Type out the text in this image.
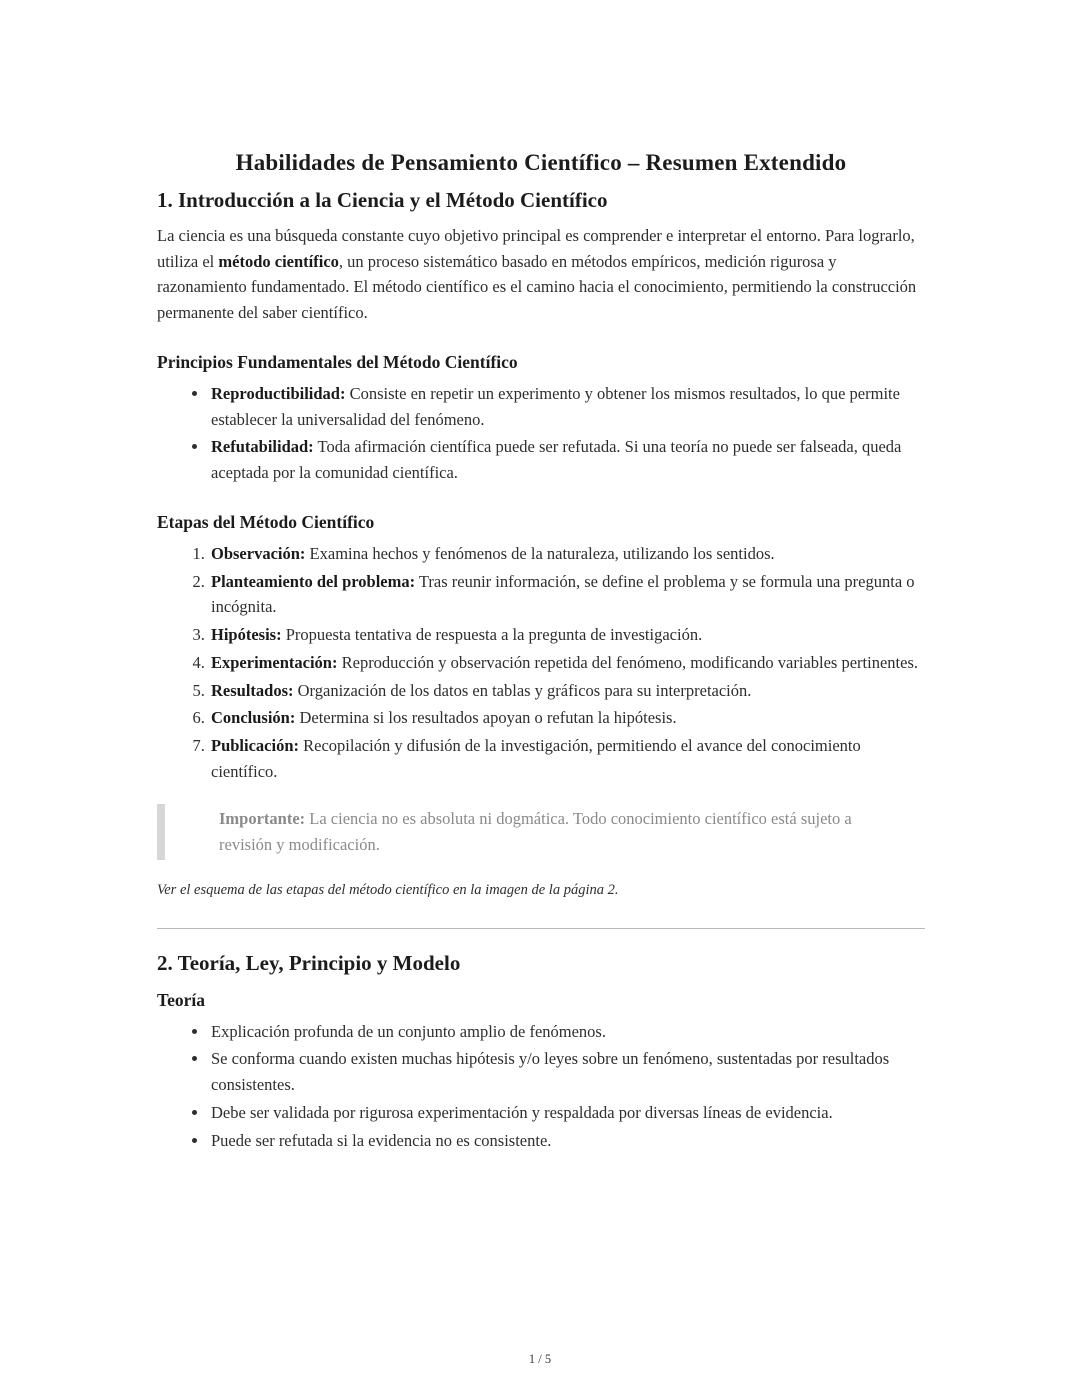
Habilidades de Pensamiento Científico – Resumen Extendido
1. Introducción a la Ciencia y el Método Científico

La ciencia es una búsqueda constante cuyo objetivo principal es comprender e interpretar el entorno. Para lograrlo, utiliza el método científico, un proceso sistemático basado en métodos empíricos, medición rigurosa y razonamiento fundamentado. El método científico es el camino hacia el conocimiento, permitiendo la construcción permanente del saber científico.

Principios Fundamentales del Método Científico
• Reproductibilidad: Consiste en repetir un experimento y obtener los mismos resultados, lo que permite establecer la universalidad del fenómeno.
• Refutabilidad: Toda afirmación científica puede ser refutada. Si una teoría no puede ser falseada, queda aceptada por la comunidad científica.
Etapas del Método Científico
1. Observación: Examina hechos y fenómenos de la naturaleza, utilizando los sentidos.
2. Planteamiento del problema: Tras reunir información, se define el problema y se formula una pregunta o incógnita.
3. Hipótesis: Propuesta tentativa de respuesta a la pregunta de investigación.
4. Experimentación: Reproducción y observación repetida del fenómeno, modificando variables pertinentes.
5. Resultados: Organización de los datos en tablas y gráficos para su interpretación.
6. Conclusión: Determina si los resultados apoyan o refutan la hipótesis.
7. Publicación: Recopilación y difusión de la investigación, permitiendo el avance del conocimiento científico.
Importante: La ciencia no es absoluta ni dogmática. Todo conocimiento científico está sujeto a revisión y modificación.

Ver el esquema de las etapas del método científico en la imagen de la página 2.

2. Teoría, Ley, Principio y Modelo
Teoría
• Explicación profunda de un conjunto amplio de fenómenos.
• Se conforma cuando existen muchas hipótesis y/o leyes sobre un fenómeno, sustentadas por resultados consistentes.
• Debe ser validada por rigurosa experimentación y respaldada por diversas líneas de evidencia.
• Puede ser refutada si la evidencia no es consistente.
1 / 5
